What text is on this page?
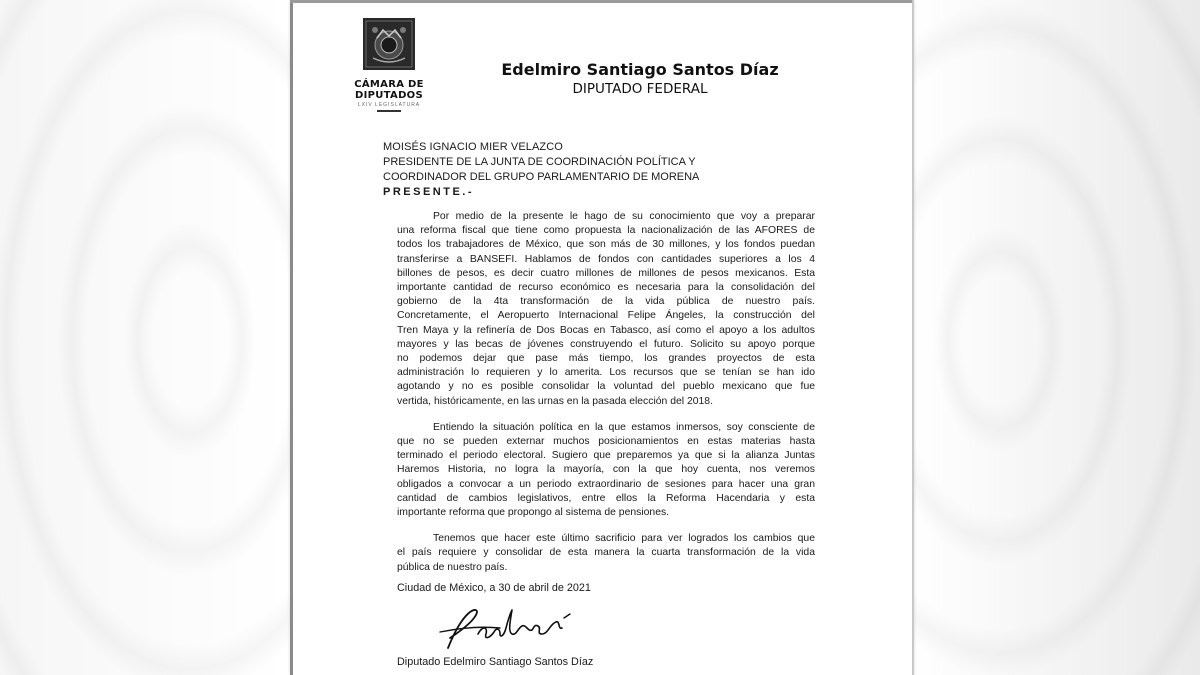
CÁMARA DE
DIPUTADOS
LXIV LEGISLATURA
Edelmiro Santiago Santos Díaz
DIPUTADO FEDERAL
MOISÉS IGNACIO MIER VELAZCO
PRESIDENTE DE LA JUNTA DE COORDINACIÓN POLÍTICA Y
COORDINADOR DEL GRUPO PARLAMENTARIO DE MORENA
PRESENTE.-

Por medio de la presente le hago de su conocimiento que voy a preparar

una reforma fiscal que tiene como propuesta la nacionalización de las AFORES de

todos los trabajadores de México, que son más de 30 millones, y los fondos puedan

transferirse a BANSEFI. Hablamos de fondos con cantidades superiores a los 4

billones de pesos, es decir cuatro millones de millones de pesos mexicanos. Esta

importante cantidad de recurso económico es necesaria para la consolidación del

gobierno de la 4ta transformación de la vida pública de nuestro país.

Concretamente, el Aeropuerto Internacional Felipe Ángeles, la construcción del

Tren Maya y la refinería de Dos Bocas en Tabasco, así como el apoyo a los adultos

mayores y las becas de jóvenes construyendo el futuro. Solicito su apoyo porque

no podemos dejar que pase más tiempo, los grandes proyectos de esta

administración lo requieren y lo amerita. Los recursos que se tenían se han ido

agotando y no es posible consolidar la voluntad del pueblo mexicano que fue

vertida, históricamente, en las urnas en la pasada elección del 2018.

Entiendo la situación política en la que estamos inmersos, soy consciente de

que no se pueden externar muchos posicionamientos en estas materias hasta

terminado el periodo electoral. Sugiero que preparemos ya que si la alianza Juntas

Haremos Historia, no logra la mayoría, con la que hoy cuenta, nos veremos

obligados a convocar a un periodo extraordinario de sesiones para hacer una gran

cantidad de cambios legislativos, entre ellos la Reforma Hacendaria y esta

importante reforma que propongo al sistema de pensiones.

Tenemos que hacer este último sacrificio para ver logrados los cambios que

el país requiere y consolidar de esta manera la cuarta transformación de la vida

pública de nuestro país.

Ciudad de México, a 30 de abril de 2021
Diputado Edelmiro Santiago Santos Díaz
